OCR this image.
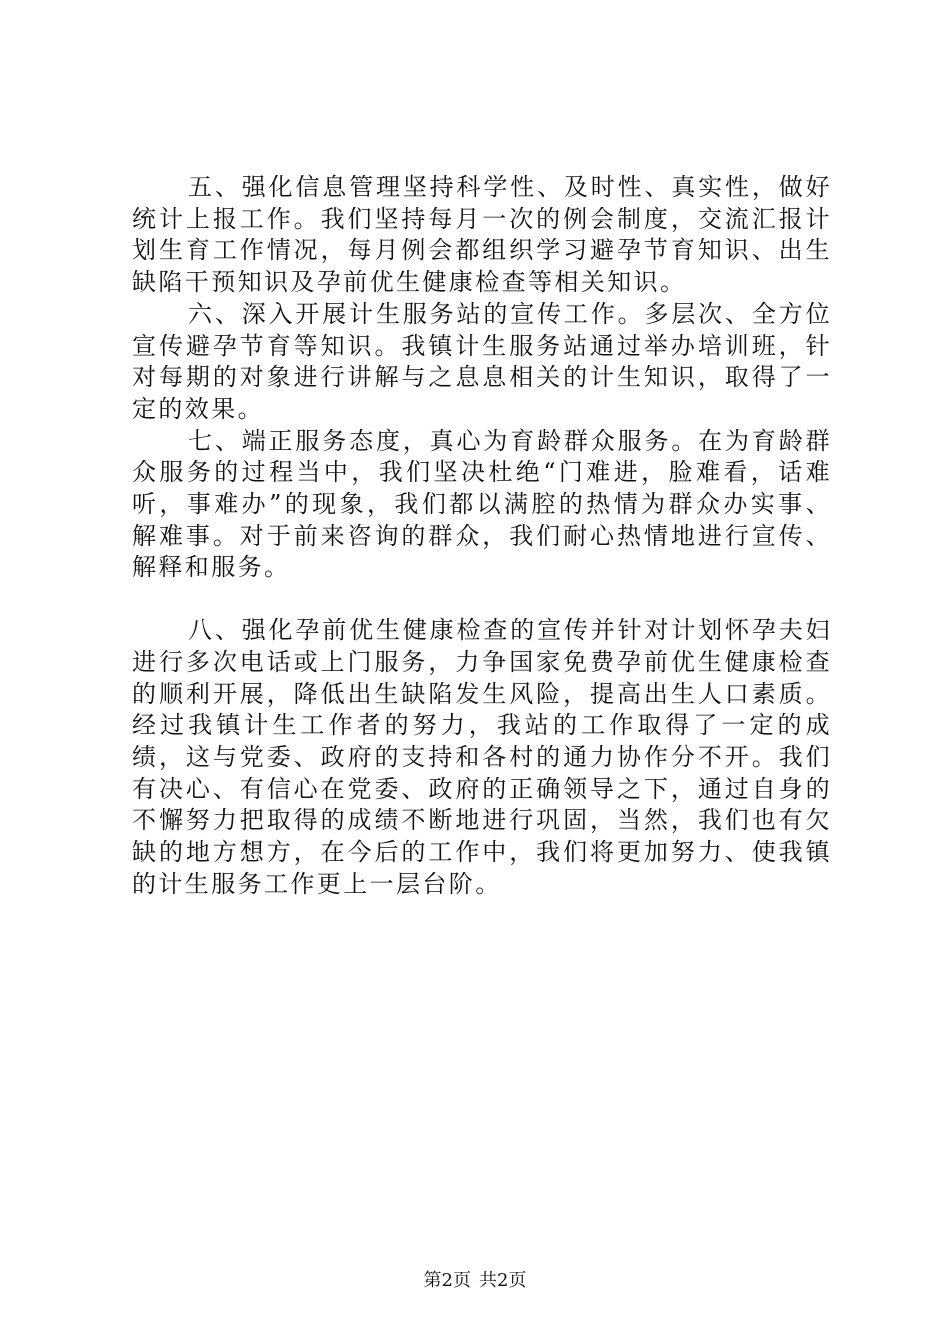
五、强化信息管理坚持科学性、及时性、真实性，做好统计上报工作。我们坚持每月一次的例会制度，交流汇报计划生育工作情况，每月例会都组织学习避孕节育知识、出生缺陷干预知识及孕前优生健康检查等相关知识。

六、深入开展计生服务站的宣传工作。多层次、全方位宣传避孕节育等知识。我镇计生服务站通过举办培训班，针对每期的对象进行讲解与之息息相关的计生知识，取得了一定的效果。

七、端正服务态度，真心为育龄群众服务。在为育龄群众服务的过程当中，我们坚决杜绝“门难进，脸难看，话难听，事难办”的现象，我们都以满腔的热情为群众办实事、解难事。对于前来咨询的群众，我们耐心热情地进行宣传、解释和服务。

八、强化孕前优生健康检查的宣传并针对计划怀孕夫妇进行多次电话或上门服务，力争国家免费孕前优生健康检查的顺利开展，降低出生缺陷发生风险，提高出生人口素质。经过我镇计生工作者的努力，我站的工作取得了一定的成绩，这与党委、政府的支持和各村的通力协作分不开。我们有决心、有信心在党委、政府的正确领导之下，通过自身的不懈努力把取得的成绩不断地进行巩固，当然，我们也有欠缺的地方想方，在今后的工作中，我们将更加努力、使我镇的计生服务工作更上一层台阶。

第2页 共2页
